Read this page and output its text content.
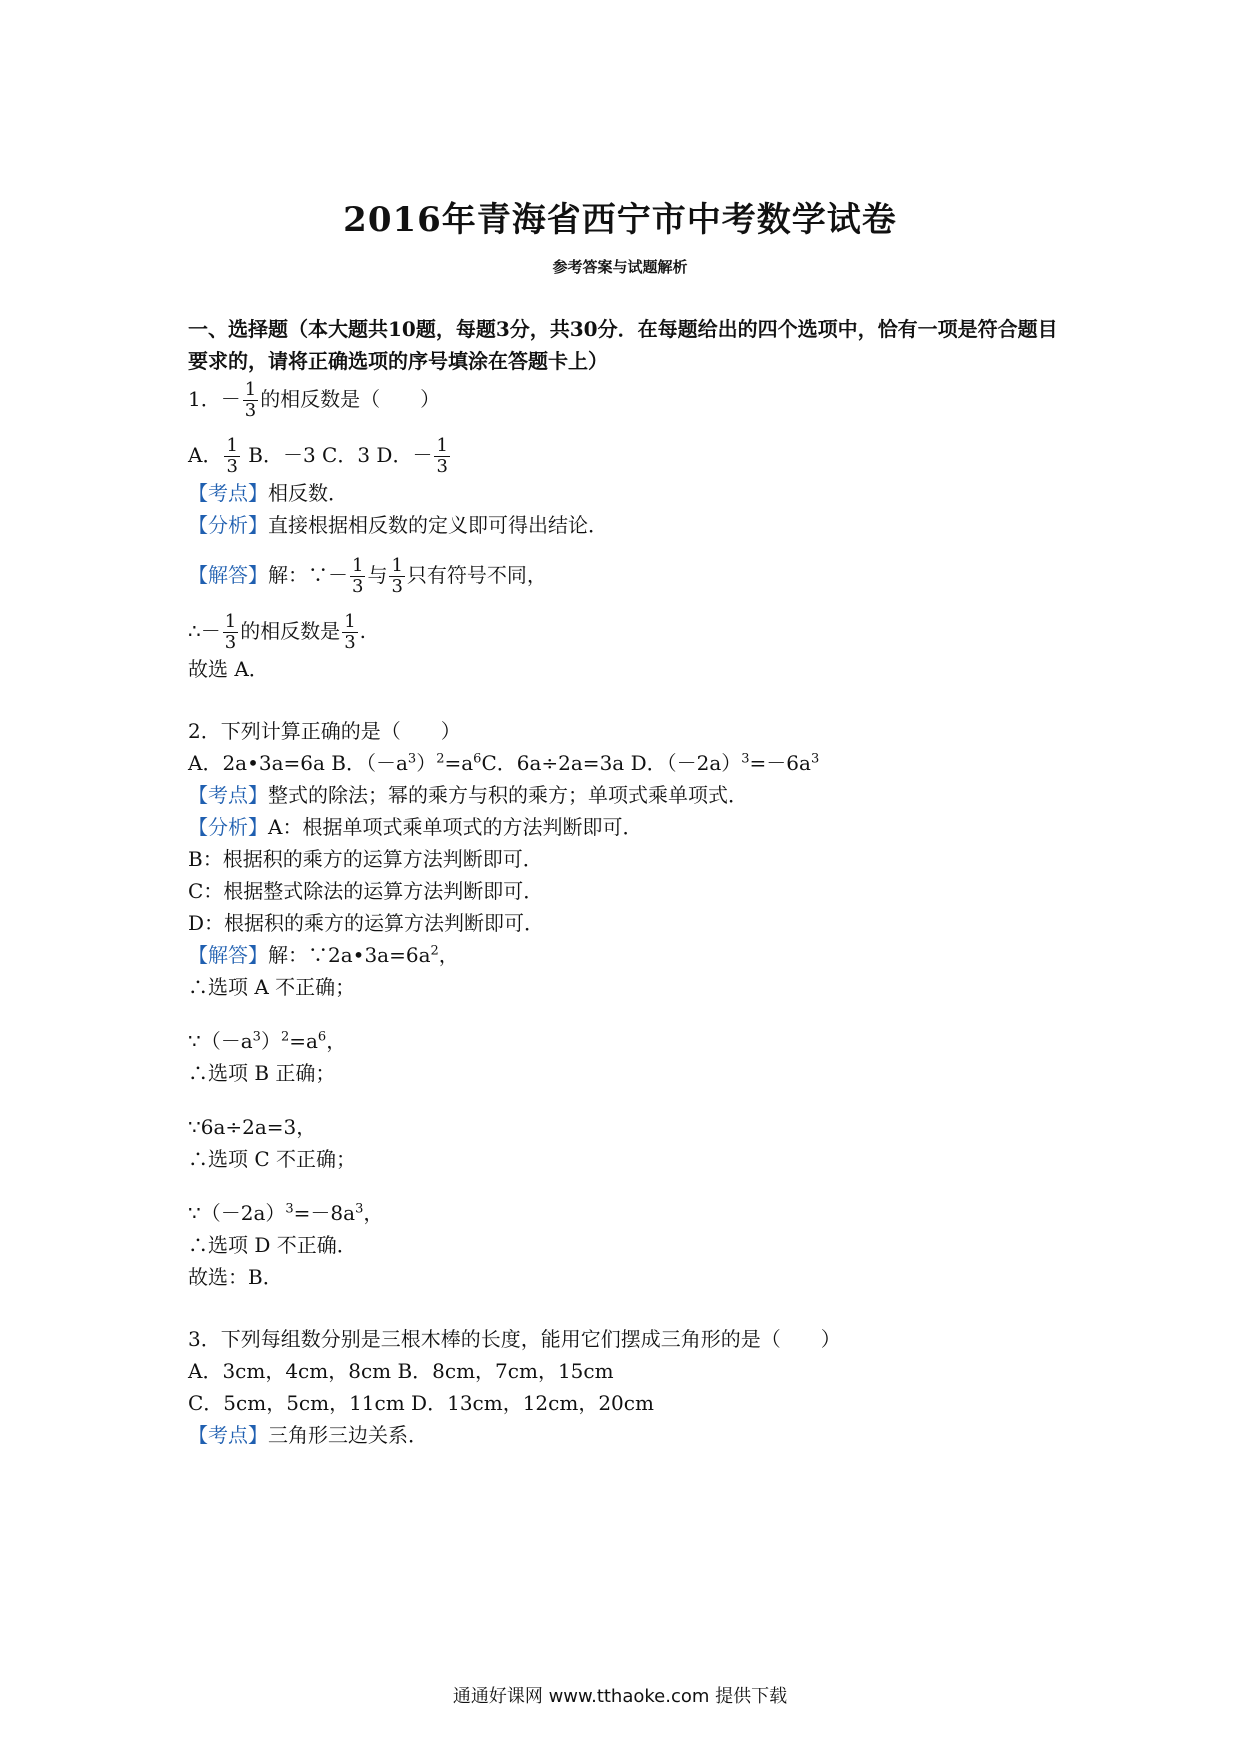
2016年青海省西宁市中考数学试卷
参考答案与试题解析
一、选择题（本大题共10题，每题3分，共30分．在每题给出的四个选项中，恰有一项是符合题目要求的，请将正确选项的序号填涂在答题卡上）
1．－ $\frac{1}{3}$ 的相反数是（　　）
A． $\frac{1}{3}$ B．－3 C．3 D．－ $\frac{1}{3}$
【考点】相反数．
【分析】直接根据相反数的定义即可得出结论．
【解答】解：∵－ $\frac{1}{3}$ 与 $\frac{1}{3}$ 只有符号不同，
∴－ $\frac{1}{3}$ 的相反数是 $\frac{1}{3}$ .
故选 A．
2．下列计算正确的是（　　）
A．2a•3a=6a B．$(-a^3)^2=a^6C$．6a÷2a=3a D．$(-2a)^3=-6a^3$
【考点】整式的除法；幂的乘方与积的乘方；单项式乘单项式．
【分析】A：根据单项式乘单项式的方法判断即可．
B：根据积的乘方的运算方法判断即可．
C：根据整式除法的运算方法判断即可．
D：根据积的乘方的运算方法判断即可．
【解答】解：$\because 2a•3a=6a^2$，
∴选项 A 不正确；
$\because(-a^3)^2=a^6$，
∴选项 B 正确；
∵6a÷2a=3，
∴选项 C 不正确；
$\because(-2a)^3=-8a^3$，
∴选项 D 不正确．
故选：B．
3．下列每组数分别是三根木棒的长度，能用它们摆成三角形的是（　　）
A．3cm，4cm，8cm B．8cm，7cm，15cm
C．5cm，5cm，11cm D．13cm，12cm，20cm
【考点】三角形三边关系．
通通好课网 www.tthaoke.com 提供下载
